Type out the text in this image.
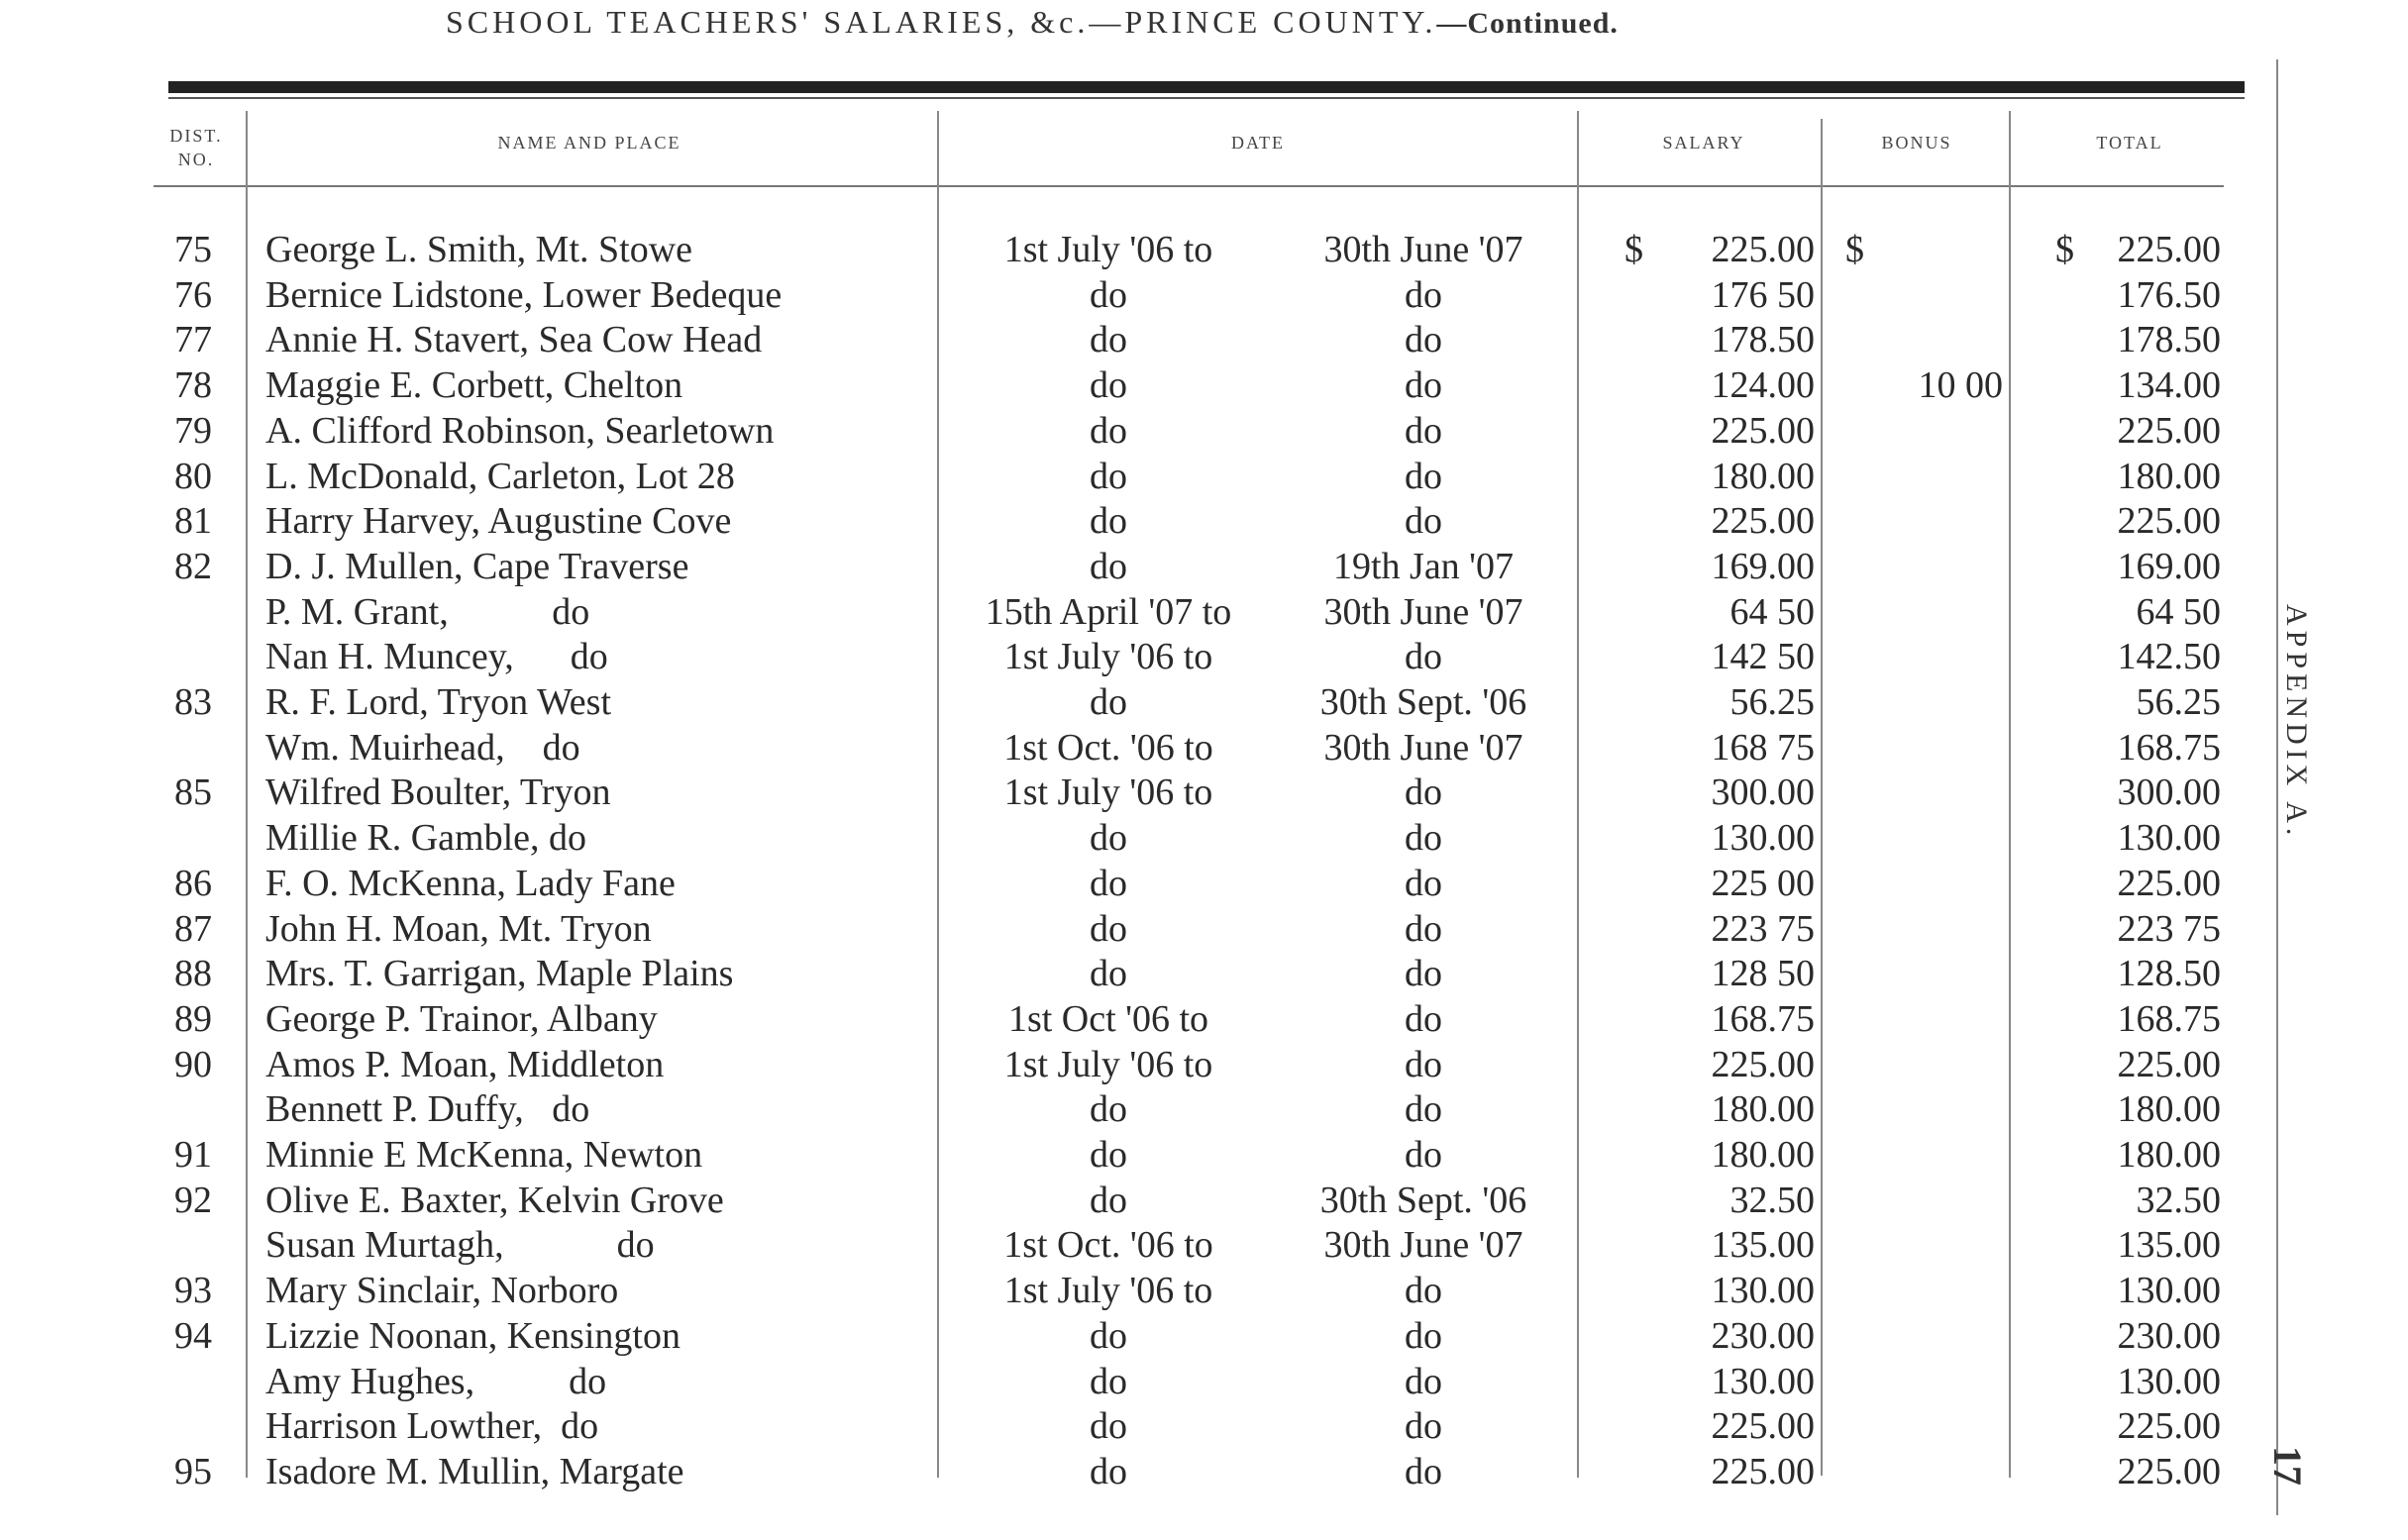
SCHOOL TEACHERS' SALARIES, &c.—PRINCE COUNTY.—Continued.
DIST.
NO.
NAME AND PLACE	DATE	SALARY	BONUS	TOTAL
75	George L. Smith, Mt. Stowe	1st July '06 to	30th June '07	225.00	225.00
$	$	$
76	Bernice Lidstone, Lower Bedeque	do	do	176 50	176.50
77	Annie H. Stavert, Sea Cow Head	do	do	178.50	178.50
78	Maggie E. Corbett, Chelton	do	do	124.00	10 00	134.00
79	A. Clifford Robinson, Searletown	do	do	225.00	225.00
80	L. McDonald, Carleton, Lot 28	do	do	180.00	180.00
81	Harry Harvey, Augustine Cove	do	do	225.00	225.00
82	D. J. Mullen, Cape Traverse	do	19th Jan '07	169.00	169.00
P. M. Grant,           do	15th April '07 to	30th June '07	64 50	64 50
Nan H. Muncey,      do	1st July '06 to	do	142 50	142.50
83	R. F. Lord, Tryon West	do	30th Sept. '06	56.25	56.25
Wm. Muirhead,    do	1st Oct. '06 to	30th June '07	168 75	168.75
85	Wilfred Boulter, Tryon	1st July '06 to	do	300.00	300.00
Millie R. Gamble, do	do	do	130.00	130.00
86	F. O. McKenna, Lady Fane	do	do	225 00	225.00
87	John H. Moan, Mt. Tryon	do	do	223 75	223 75
88	Mrs. T. Garrigan, Maple Plains	do	do	128 50	128.50
89	George P. Trainor, Albany	1st Oct '06 to	do	168.75	168.75
90	Amos P. Moan, Middleton	1st July '06 to	do	225.00	225.00
Bennett P. Duffy,   do	do	do	180.00	180.00
91	Minnie E McKenna, Newton	do	do	180.00	180.00
92	Olive E. Baxter, Kelvin Grove	do	30th Sept. '06	32.50	32.50
Susan Murtagh,            do	1st Oct. '06 to	30th June '07	135.00	135.00
93	Mary Sinclair, Norboro	1st July '06 to	do	130.00	130.00
94	Lizzie Noonan, Kensington	do	do	230.00	230.00
Amy Hughes,          do	do	do	130.00	130.00
Harrison Lowther,  do	do	do	225.00	225.00
95	Isadore M. Mullin, Margate	do	do	225.00	225.00
APPENDIX A.
17
